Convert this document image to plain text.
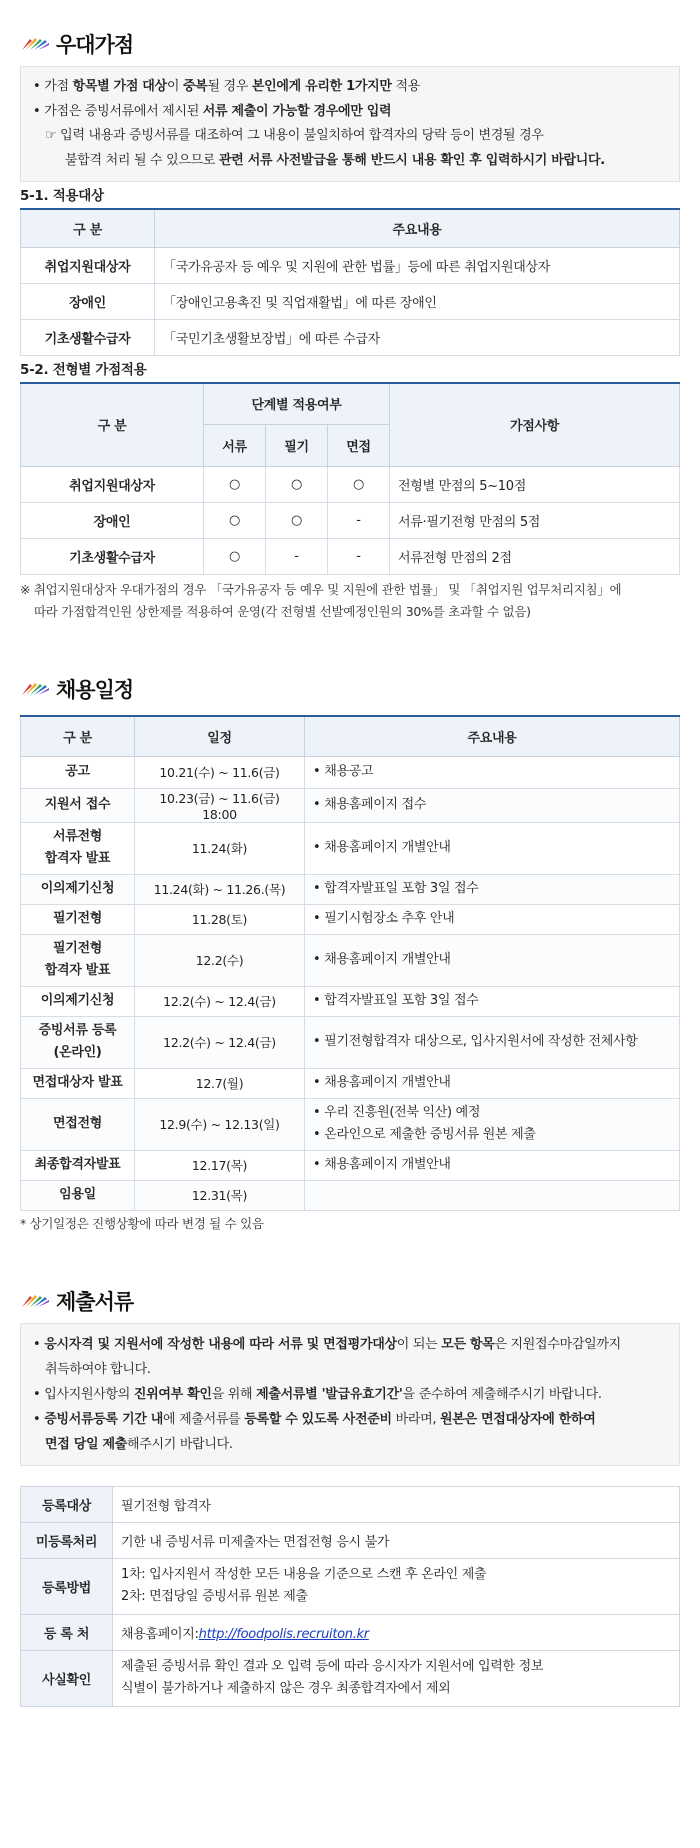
우대가점
• 가점 항목별 가점 대상이 중복될 경우 본인에게 유리한 1가지만 적용
• 가점은 증빙서류에서 제시된 서류 제출이 가능할 경우에만 입력
☞ 입력 내용과 증빙서류를 대조하여 그 내용이 불일치하여 합격자의 당락 등이 변경될 경우
불합격 처리 될 수 있으므로 관련 서류 사전발급을 통해 반드시 내용 확인 후 입력하시기 바랍니다.
5-1. 적용대상
구 분	주요내용
취업지원대상자	「국가유공자 등 예우 및 지원에 관한 법률」등에 따른 취업지원대상자
장애인	「장애인고용촉진 및 직업재활법」에 따른 장애인
기초생활수급자	「국민기초생활보장법」에 따른 수급자
5-2. 전형별 가점적용
구 분	단계별 적용여부			가점사항
	서류	필기	면접	
취업지원대상자	○	○	○	전형별 만점의 5~10점
장애인	○	○	-	서류·필기전형 만점의 5점
기초생활수급자	○	-	-	서류전형 만점의 2점
※ 취업지원대상자 우대가점의 경우 「국가유공자 등 예우 및 지원에 관한 법률」 및 「취업지원 업무처리지침」에
따라 가점합격인원 상한제를 적용하여 운영(각 전형별 선발예정인원의 30%를 초과할 수 없음)
채용일정
구 분	일정	주요내용

공고	10.21(수) ~ 11.6(금)	• 채용공고

지원서 접수	10.23(금) ~ 11.6(금) 18:00	• 채용홈페이지 접수

서류전형
합격자 발표	11.24(화)	• 채용홈페이지 개별안내

이의제기신청	11.24(화) ~ 11.26.(목)	• 합격자발표일 포함 3일 접수

필기전형	11.28(토)	• 필기시험장소 추후 안내

필기전형
합격자 발표	12.2(수)	• 채용홈페이지 개별안내

이의제기신청	12.2(수) ~ 12.4(금)	• 합격자발표일 포함 3일 접수

증빙서류 등록
(온라인)	12.2(수) ~ 12.4(금)	• 필기전형합격자 대상으로, 입사지원서에 작성한 전체사항

면접대상자 발표	12.7(월)	• 채용홈페이지 개별안내

면접전형	12.9(수) ~ 12.13(일)	• 우리 진흥원(전북 익산) 예정
• 온라인으로 제출한 증빙서류 원본 제출

최종합격자발표	12.17(목)	• 채용홈페이지 개별안내

임용일	12.31(목)	
* 상기일정은 진행상황에 따라 변경 될 수 있음
제출서류
• 응시자격 및 지원서에 작성한 내용에 따라 서류 및 면접평가대상이 되는 모든 항목은 지원접수마감일까지
취득하여야 합니다.
• 입사지원사항의 진위여부 확인을 위해 제출서류별 '발급유효기간'을 준수하여 제출해주시기 바랍니다.
• 증빙서류등록 기간 내에 제출서류를 등록할 수 있도록 사전준비 바라며, 원본은 면접대상자에 한하여
면접 당일 제출해주시기 바랍니다.
등록대상	필기전형 합격자
미등록처리	기한 내 증빙서류 미제출자는 면접전형 응시 불가
등록방법	1차: 입사지원서 작성한 모든 내용을 기준으로 스캔 후 온라인 제출
2차: 면접당일 증빙서류 원본 제출

등 록 처	채용홈페이지:http://foodpolis.recruiton.kr
사실확인	제출된 증빙서류 확인 결과 오 입력 등에 따라 응시자가 지원서에 입력한 정보
식별이 불가하거나 제출하지 않은 경우 최종합격자에서 제외
